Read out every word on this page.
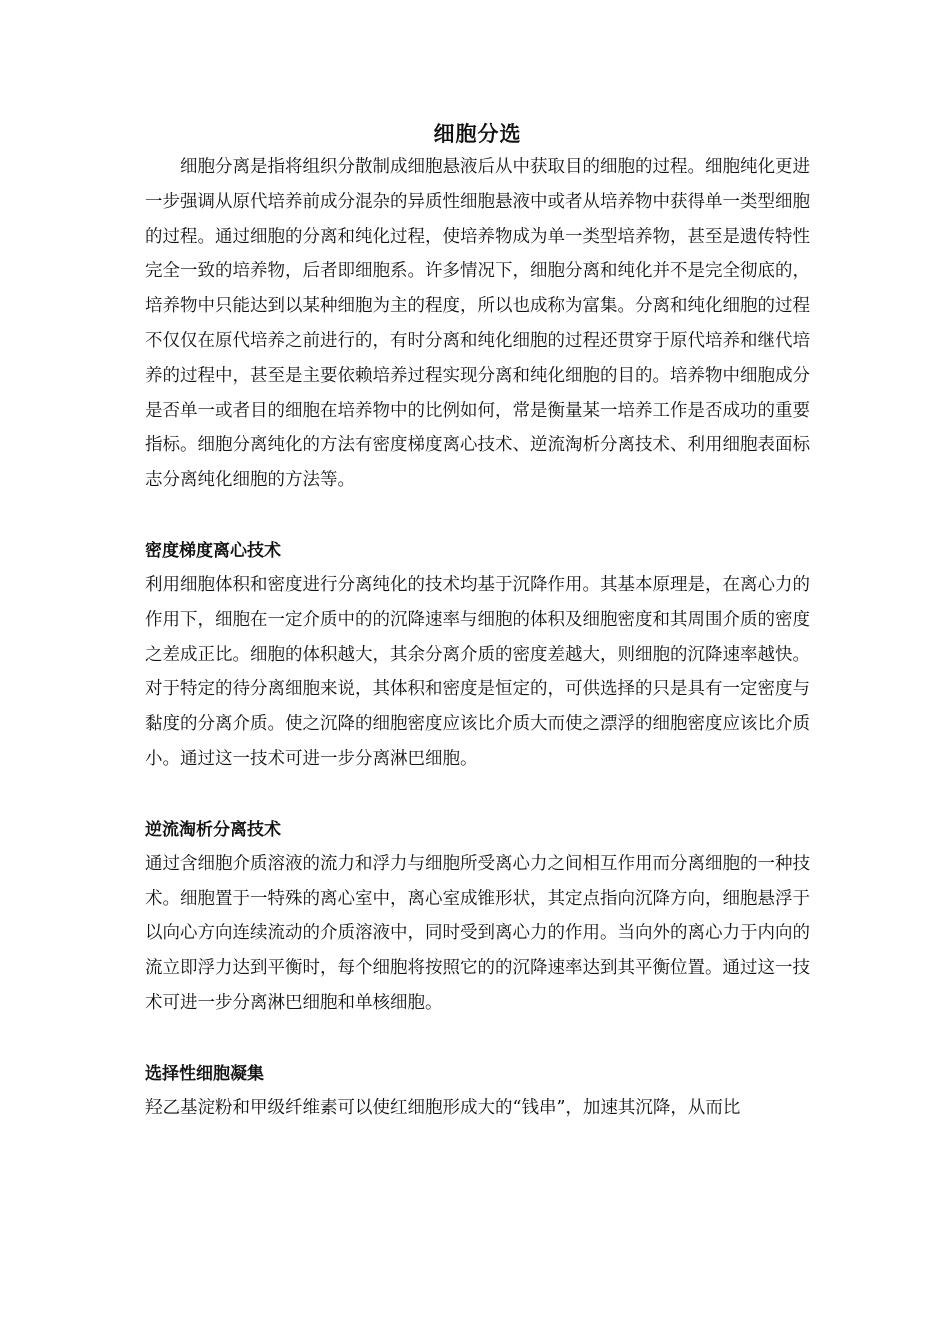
细胞分选

细胞分离是指将组织分散制成细胞悬液后从中获取目的细胞的过程。细胞纯化更进一步强调从原代培养前成分混杂的异质性细胞悬液中或者从培养物中获得单一类型细胞的过程。通过细胞的分离和纯化过程，使培养物成为单一类型培养物，甚至是遗传特性完全一致的培养物，后者即细胞系。许多情况下，细胞分离和纯化并不是完全彻底的，培养物中只能达到以某种细胞为主的程度，所以也成称为富集。分离和纯化细胞的过程不仅仅在原代培养之前进行的，有时分离和纯化细胞的过程还贯穿于原代培养和继代培养的过程中，甚至是主要依赖培养过程实现分离和纯化细胞的目的。培养物中细胞成分是否单一或者目的细胞在培养物中的比例如何，常是衡量某一培养工作是否成功的重要指标。细胞分离纯化的方法有密度梯度离心技术、逆流淘析分离技术、利用细胞表面标志分离纯化细胞的方法等。

密度梯度离心技术

利用细胞体积和密度进行分离纯化的技术均基于沉降作用。其基本原理是，在离心力的作用下，细胞在一定介质中的的沉降速率与细胞的体积及细胞密度和其周围介质的密度之差成正比。细胞的体积越大，其余分离介质的密度差越大，则细胞的沉降速率越快。对于特定的待分离细胞来说，其体积和密度是恒定的，可供选择的只是具有一定密度与黏度的分离介质。使之沉降的细胞密度应该比介质大而使之漂浮的细胞密度应该比介质小。通过这一技术可进一步分离淋巴细胞。

逆流淘析分离技术

通过含细胞介质溶液的流力和浮力与细胞所受离心力之间相互作用而分离细胞的一种技术。细胞置于一特殊的离心室中，离心室成锥形状，其定点指向沉降方向，细胞悬浮于以向心方向连续流动的介质溶液中，同时受到离心力的作用。当向外的离心力于内向的流立即浮力达到平衡时，每个细胞将按照它的的沉降速率达到其平衡位置。通过这一技术可进一步分离淋巴细胞和单核细胞。

选择性细胞凝集

羟乙基淀粉和甲级纤维素可以使红细胞形成大的“钱串”，加速其沉降，从而比
